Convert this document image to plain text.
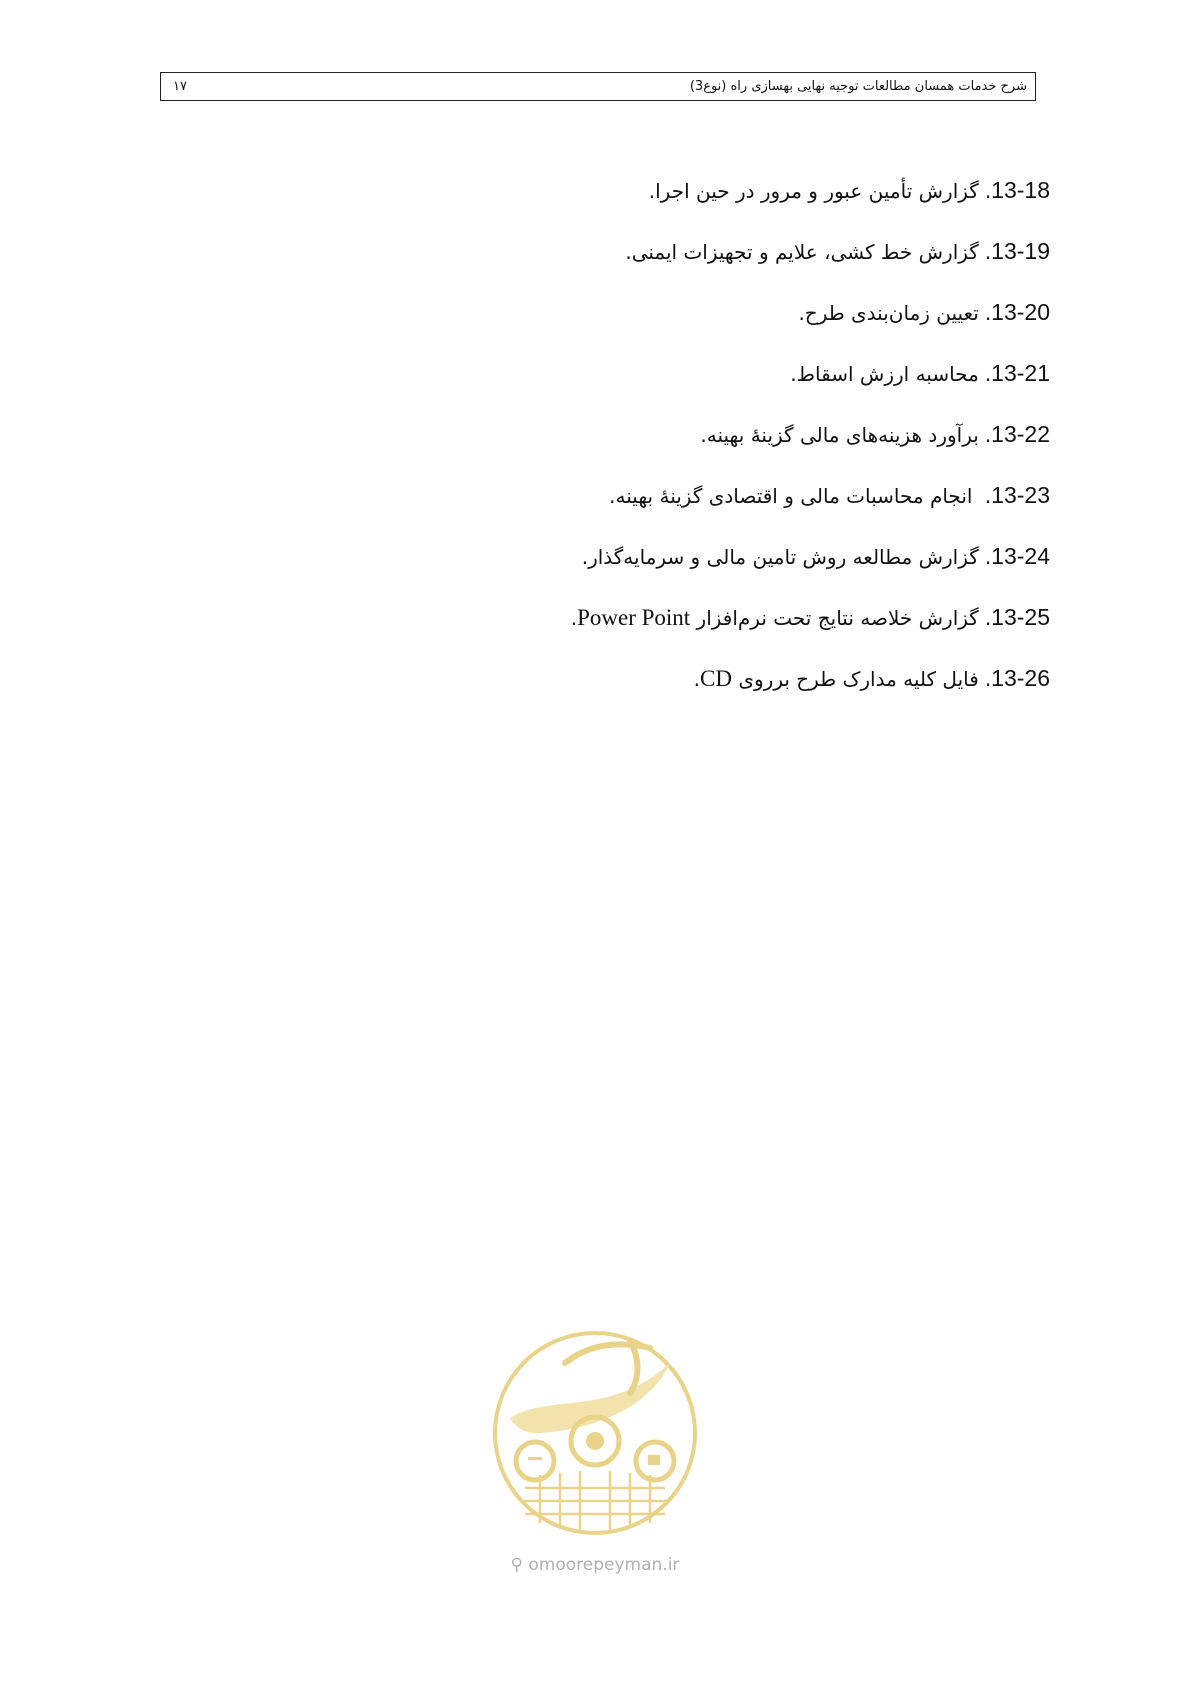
۱۷	شرح خدمات همسان مطالعات توجیه نهایی بهسازی راه (نوع3)
13-18.گزارش تأمین عبور و مرور در حین اجرا.
13-19.گزارش خط کشی، علایم و تجهیزات ایمنی.
13-20.تعیین زمان‌بندی طرح.
13-21.محاسبه ارزش اسقاط.
13-22.برآورد هزینه‌های مالی گزینهٔ بهینه.
13-23. انجام محاسبات مالی و اقتصادی گزینهٔ بهینه.
13-24.گزارش مطالعه روش تامین مالی و سرمایه‌گذار.
13-25.گزارش خلاصه نتایج تحت نرم‌افزار Power Point.
13-26.فایل کلیه مدارک طرح برروی CD.
⚲ omoorepeyman.ir
